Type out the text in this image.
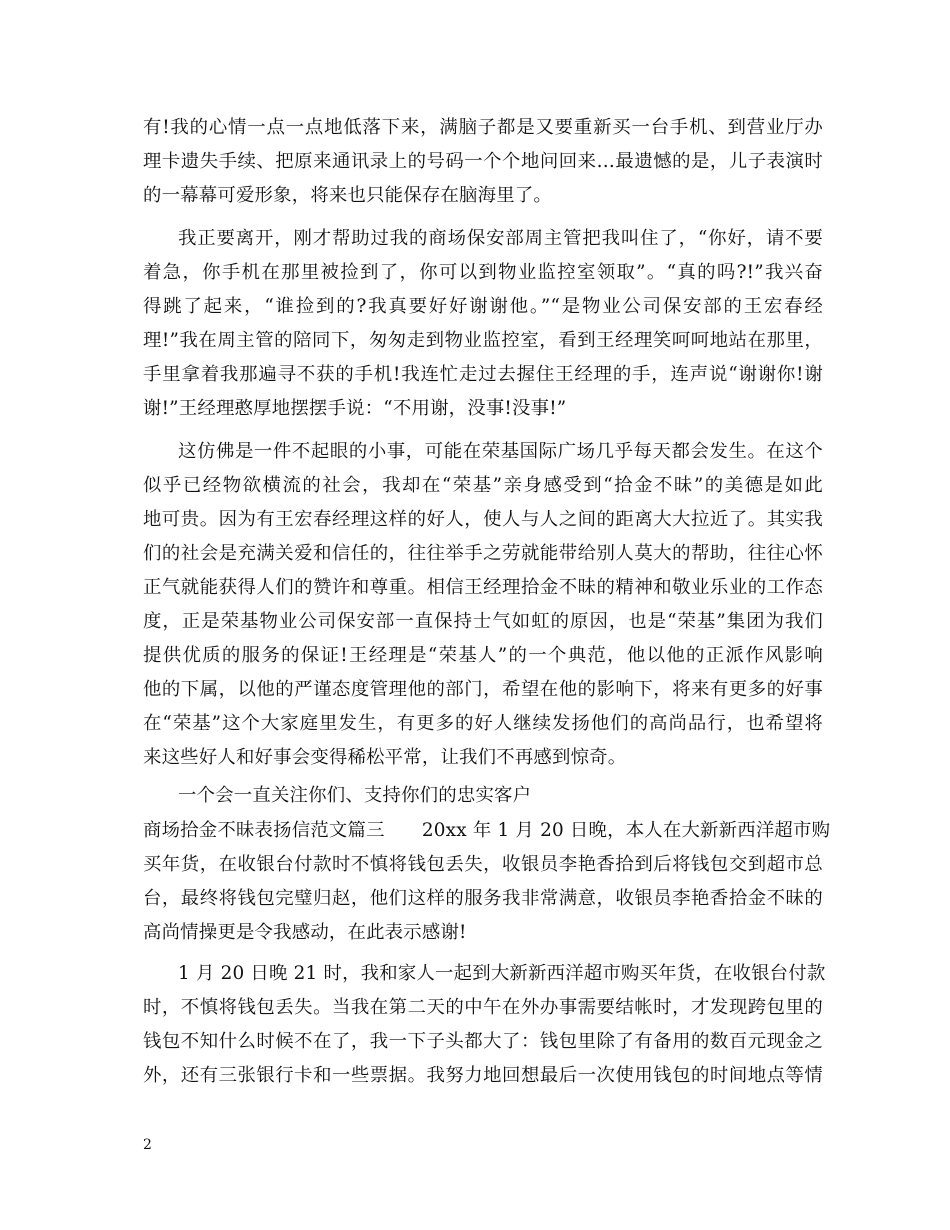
有!我的心情一点一点地低落下来，满脑子都是又要重新买一台手机、到营业厅办
理卡遗失手续、把原来通讯录上的号码一个个地问回来…最遗憾的是，儿子表演时
的一幕幕可爱形象，将来也只能保存在脑海里了。
我正要离开，刚才帮助过我的商场保安部周主管把我叫住了，“你好，请不要
着急，你手机在那里被捡到了，你可以到物业监控室领取”。“真的吗?!”我兴奋
得跳了起来，“谁捡到的?我真要好好谢谢他。”“是物业公司保安部的王宏春经
理!”我在周主管的陪同下，匆匆走到物业监控室，看到王经理笑呵呵地站在那里，
手里拿着我那遍寻不获的手机!我连忙走过去握住王经理的手，连声说“谢谢你!谢
谢!”王经理憨厚地摆摆手说：“不用谢，没事!没事!”
这仿佛是一件不起眼的小事，可能在荣基国际广场几乎每天都会发生。在这个
似乎已经物欲横流的社会，我却在“荣基”亲身感受到“拾金不昧”的美德是如此
地可贵。因为有王宏春经理这样的好人，使人与人之间的距离大大拉近了。其实我
们的社会是充满关爱和信任的，往往举手之劳就能带给别人莫大的帮助，往往心怀
正气就能获得人们的赞许和尊重。相信王经理拾金不昧的精神和敬业乐业的工作态
度，正是荣基物业公司保安部一直保持士气如虹的原因，也是“荣基”集团为我们
提供优质的服务的保证!王经理是“荣基人”的一个典范，他以他的正派作风影响
他的下属，以他的严谨态度管理他的部门，希望在他的影响下，将来有更多的好事
在“荣基”这个大家庭里发生，有更多的好人继续发扬他们的高尚品行，也希望将
来这些好人和好事会变得稀松平常，让我们不再感到惊奇。
一个会一直关注你们、支持你们的忠实客户
商场拾金不昧表扬信范文篇三　　20xx 年 1 月 20 日晚，本人在大新新西洋超市购
买年货，在收银台付款时不慎将钱包丢失，收银员李艳香拾到后将钱包交到超市总
台，最终将钱包完璧归赵，他们这样的服务我非常满意，收银员李艳香拾金不昧的
高尚情操更是令我感动，在此表示感谢!
1 月 20 日晚 21 时，我和家人一起到大新新西洋超市购买年货，在收银台付款
时，不慎将钱包丢失。当我在第二天的中午在外办事需要结帐时，才发现跨包里的
钱包不知什么时候不在了，我一下子头都大了：钱包里除了有备用的数百元现金之
外，还有三张银行卡和一些票据。我努力地回想最后一次使用钱包的时间地点等情
2
